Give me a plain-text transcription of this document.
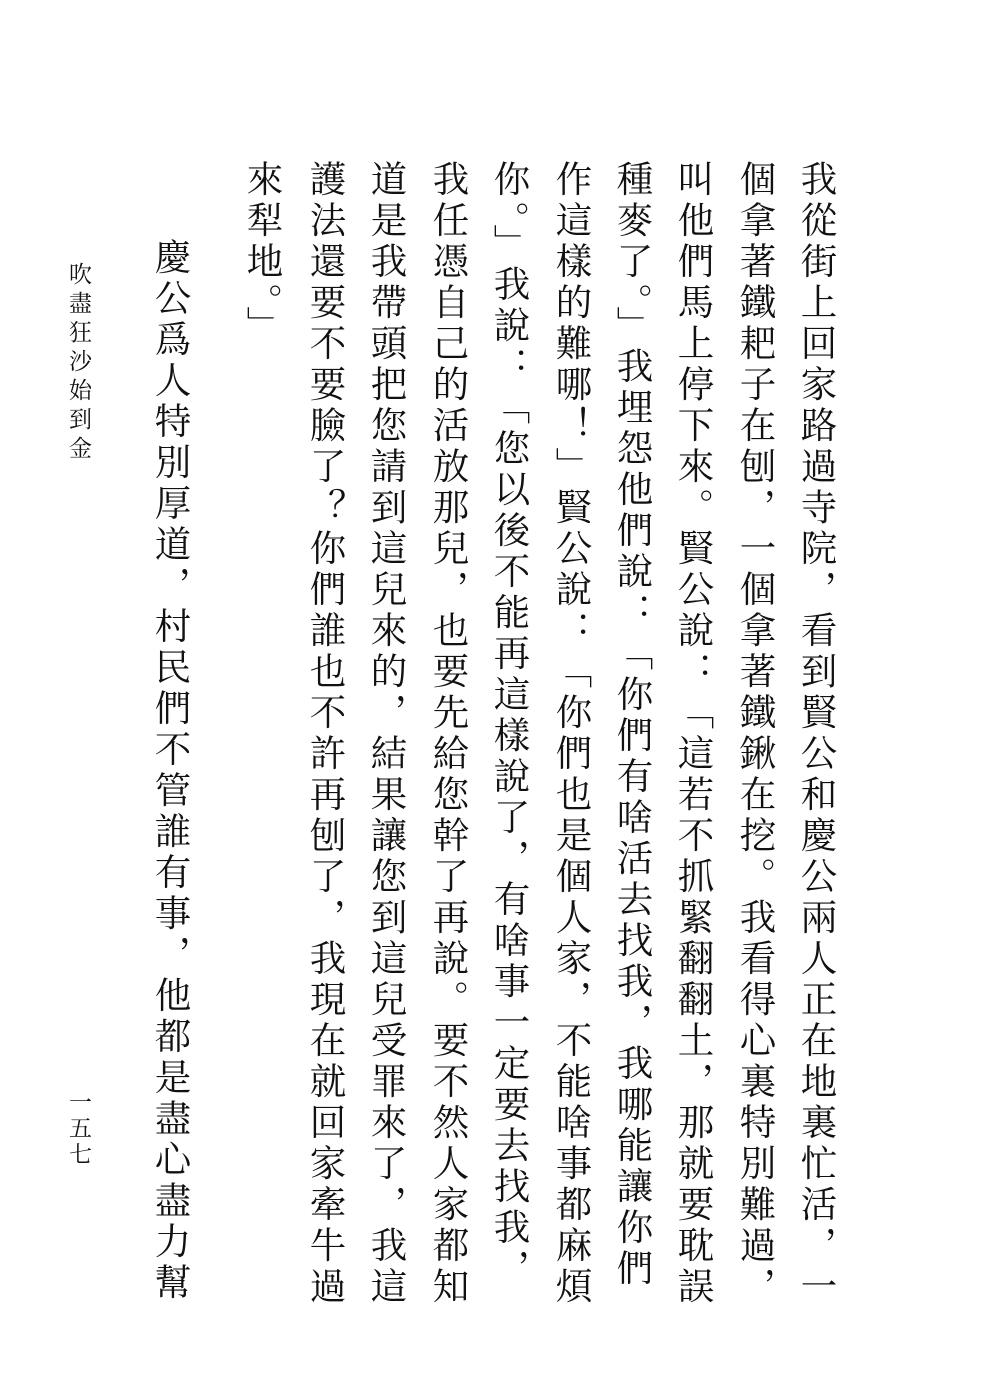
我從街上回家路過寺院，看到賢公和慶公兩人正在地裏忙活，一
個拿著鐵耙子在刨，一個拿著鐵鍬在挖。我看得心裏特別難過，
叫他們馬上停下來。賢公說：「這若不抓緊翻翻土，那就要耽誤
種麥了。」我埋怨他們說：「你們有啥活去找我，我哪能讓你們
作這樣的難哪！」賢公說：「你們也是個人家，不能啥事都麻煩
你。」我說：「您以後不能再這樣說了，有啥事一定要去找我，
我任憑自己的活放那兒，也要先給您幹了再說。要不然人家都知
道是我帶頭把您請到這兒來的，結果讓您到這兒受罪來了，我這
護法還要不要臉了？你們誰也不許再刨了，我現在就回家牽牛過
來犁地。」
慶公爲人特別厚道，村民們不管誰有事，他都是盡心盡力幫
吹盡狂沙始到金
一五七
